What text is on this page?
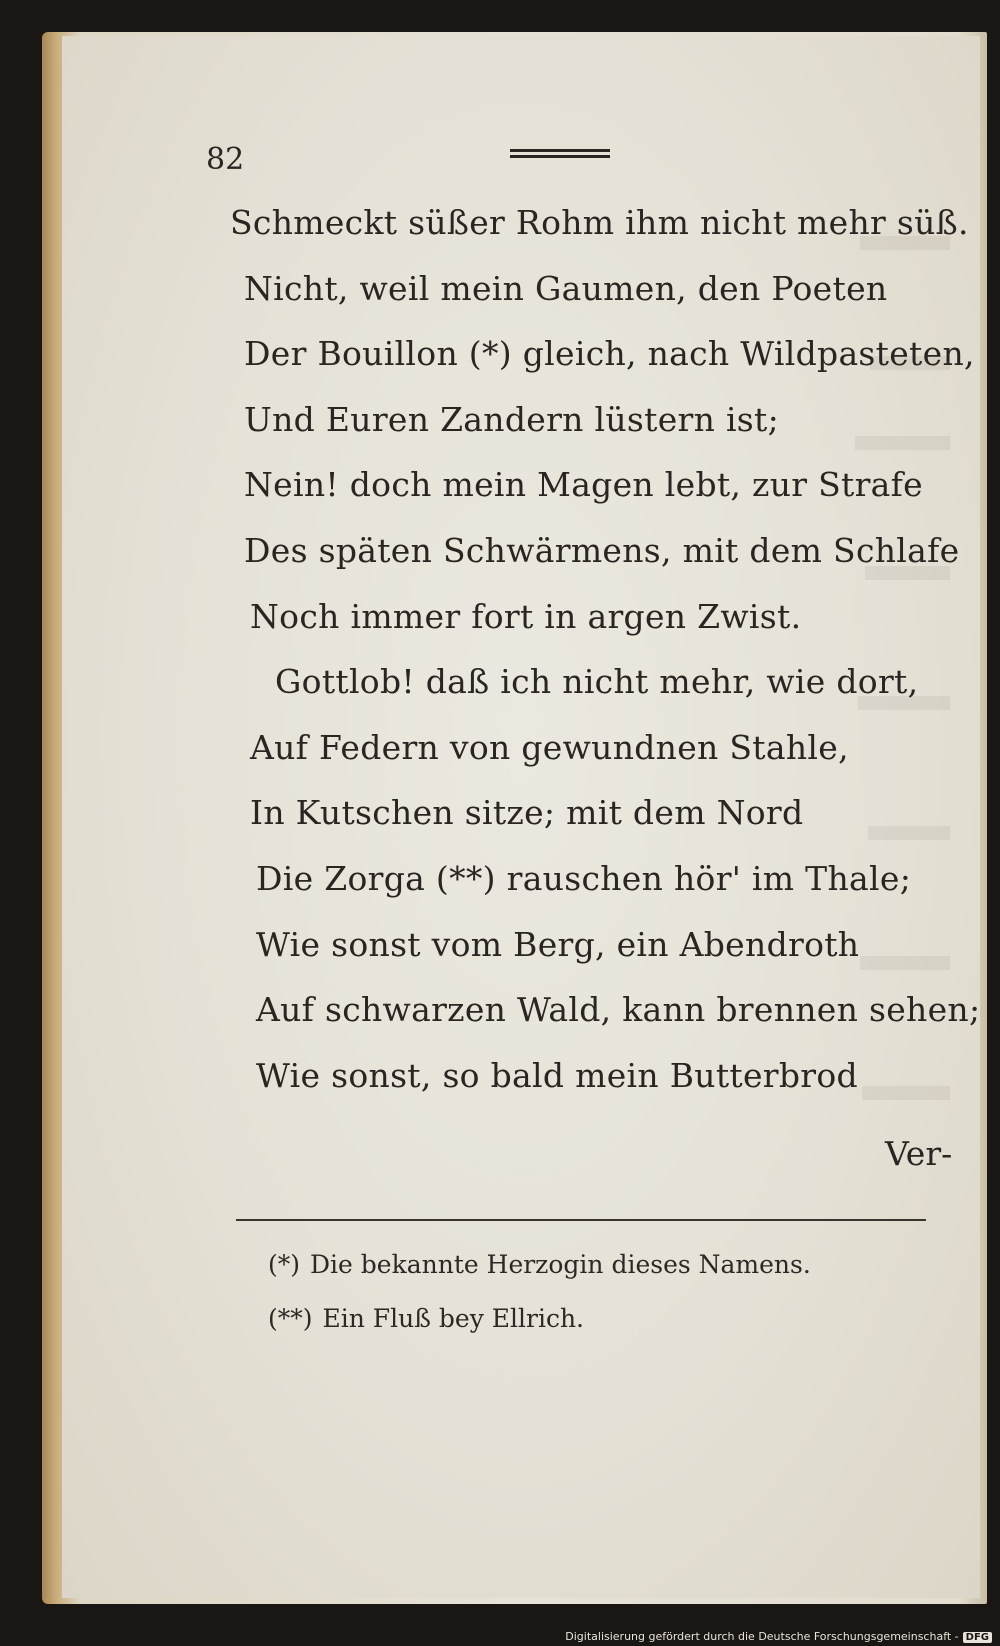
82

Schmeckt süßer Rohm ihm nicht mehr süß.
Nicht, weil mein Gaumen, den Poeten
Der Bouillon (*) gleich, nach Wildpasteten,
Und Euren Zandern lüstern ist;
Nein! doch mein Magen lebt, zur Strafe
Des späten Schwärmens, mit dem Schlafe
Noch immer fort in argen Zwist.
Gottlob! daß ich nicht mehr, wie dort,
Auf Federn von gewundnen Stahle,
In Kutschen sitze; mit dem Nord
Die Zorga (**) rauschen hör' im Thale;
Wie sonst vom Berg, ein Abendroth
Auf schwarzen Wald, kann brennen sehen;
Wie sonst, so bald mein Butterbrod

Ver-

(*) Die bekannte Herzogin dieses Namens.
(**) Ein Fluß bey Ellrich.
Digitalisierung gefördert durch die Deutsche Forschungsgemeinschaft - DFG
